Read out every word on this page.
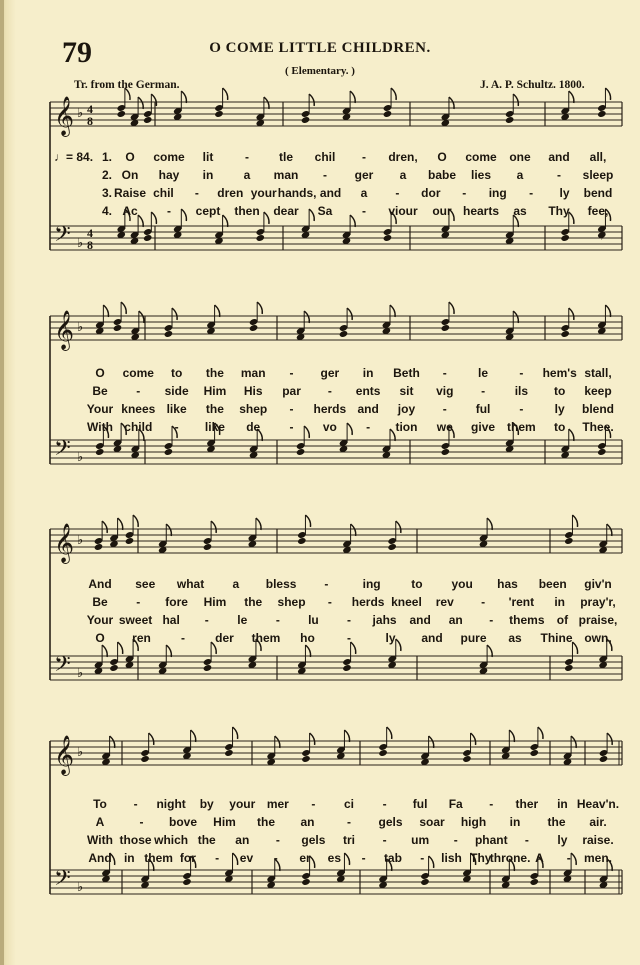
79	O COME LITTLE CHILDREN.
( Elementary. )
Tr. from the German.	J. A. P. Schultz. 1800.
♩= 84.
𝄞
𝄢
♭
♭
4
8
4
8
𝄾
𝄾
𝄞
𝄢
♭
♭
𝄾
𝄾
𝄞
𝄢
♭
♭
𝄞
𝄢
♭
♭
1. O come lit	- tle chil - dren, O come one and all,
2. On hay in	a man - ger a babe lies a	- sleep
3. Raise chil - dren your hands, and a - dor - ing - ly bend
4. Ac - cept then dear Sa - viour our hearts as Thy fee,
O come to the man - ger in Beth -	le	- hem's stall,
Be - side Him His par - ents sit vig - ils to keep
Your knees like the shep - herds and joy - ful -	ly blend
With child - like de - vo - tion we give them to Thee.
And see what a bless -	ing	to you has been giv'n
Be - fore Him the shep - herds kneel rev - 'rent in pray'r,
Your sweet hal - le - lu - jahs and an - thems of praise,
O ren	-	der them ho	-	ly and pure as Thine own,
To - night by your mer - ci - ful Fa - ther in Heav'n.
A	- bove Him the an	- gels soar high in the air.
With those which the an - gels tri - um - phant - ly raise.
And in them for - ev - er es - tab - lish Thy
throne. A - men.
